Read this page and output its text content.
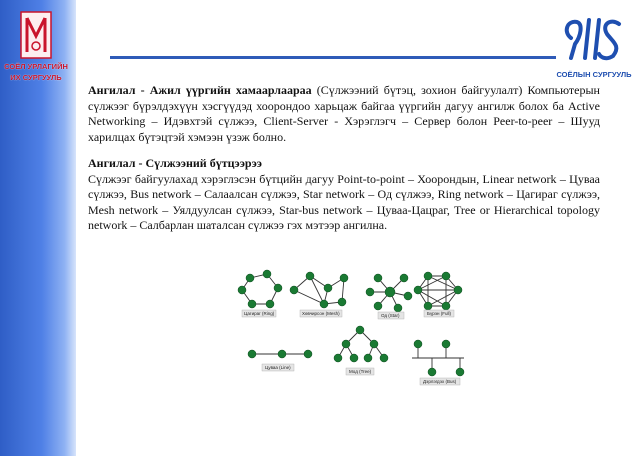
СОЁЛ УРЛАГИЙН
ИХ СУРГУУЛЬ	СОЁЛЫН СУРГУУЛЬ

Ангилал - Ажил үүргийн хамаарлаараа (Сүлжээний бүтэц, зохион байгуулалт) Компьютерын сүлжээг бүрэлдэхүүн хэсгүүдэд хоорондоо харьцаж байгаа үүргийн дагуу ангилж болох ба Active Networking – Идэвхтэй сүлжээ, Client-Server - Хэрэглэгч – Сервер болон Peer-to-peer – Шууд харилцах бүтэцтэй хэмээн үзэж болно.

Ангилал - Сүлжээний бүтцээрээ

Сүлжээг байгуулахад хэрэглэсэн бүтцийн дагуу Point-to-point – Хоорондын, Linear network – Цуваа сүлжээ, Bus network – Салаалсан сүлжээ, Star network – Од сүлжээ, Ring network – Цагираг сүлжээ, Mesh network – Уялдуулсан сүлжээ, Star-bus network – Цуваа-Цацраг, Tree or Hierarchical topology network – Салбарлан шаталсан сүлжээ гэх мэтээр ангилна.

Цагираг (Ring)	Хөвчирсон (Mesh)	Од (Star)	Бүрэн (Full)
Цуваа (Line)
Мод (Tree)
Дэрлэгдэх (Bus)
